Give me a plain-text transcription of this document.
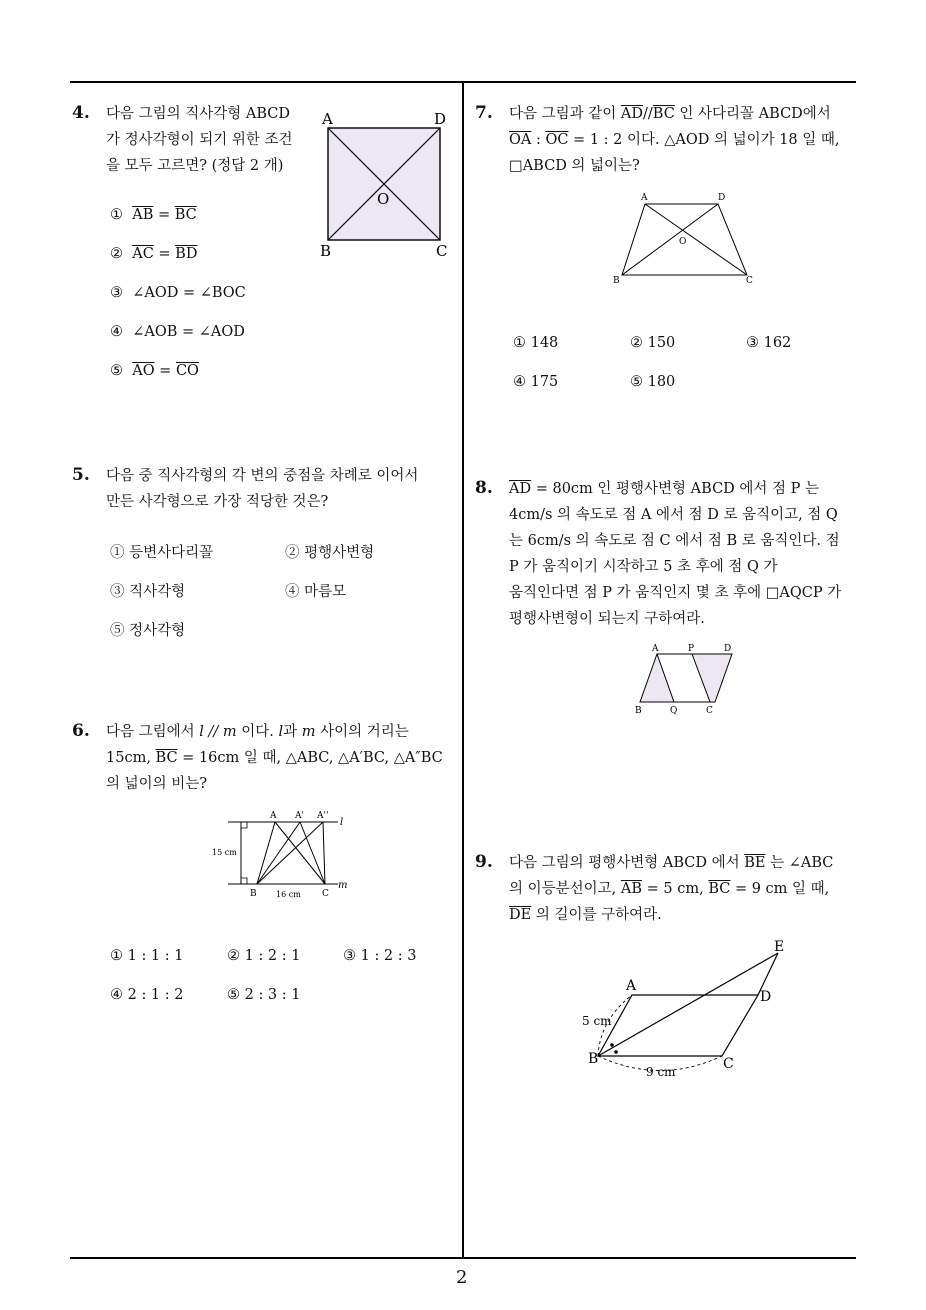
2
4. 다음 그림의 직사각형 ABCD
가 정사각형이 되기 위한 조건
을 모두 고르면? (정답 2 개)
A	D
B	C
O
① $\overline{AB} = \overline{BC}$
② $\overline{AC} = \overline{BD}$
③ ∠AOD = ∠BOC
④ ∠AOB = ∠AOD
⑤ $\overline{AO} = \overline{CO}$
5. 다음 중 직사각형의 각 변의 중점을 차례로 이어서
만든 사각형으로 가장 적당한 것은?
① 등변사다리꼴	② 평행사변형
③ 직사각형	④ 마름모
⑤ 정사각형
6. 다음 그림에서 l // m 이다. l과 m 사이의 거리는
15cm, $\overline{BC} = 16cm$ 일 때, △ABC, △A′BC, △A″BC
의 넓이의 비는?
A A' A''
l
m
B	C
16 cm
15 cm
① 1 : 1 : 1	② 1 : 2 : 1	③ 1 : 2 : 3
④ 2 : 1 : 2	⑤ 2 : 3 : 1
7. 다음 그림과 같이 $\overline{AD}//\overline{BC}$ 인 사다리꼴 ABCD에서
$\overline{OA}$ : $\overline{OC} = 1$ : 2 이다. △AOD 의 넓이가 18 일 때,
□ABCD 의 넓이는?
A	D
B	C
O
① 148	② 150	③ 162
④ 175	⑤ 180
8. $\overline{AD} = 80cm$ 인 평행사변형 ABCD 에서 점 P 는
4cm/s 의 속도로 점 A 에서 점 D 로 움직이고, 점 Q
는 6cm/s 의 속도로 점 C 에서 점 B 로 움직인다. 점
P 가 움직이기 시작하고 5 초 후에 점 Q 가
움직인다면 점 P 가 움직인지 몇 초 후에 □AQCP 가
평행사변형이 되는지 구하여라.
A	P	D
B	Q	C
9. 다음 그림의 평행사변형 ABCD 에서 $\overline{BE}$ 는 ∠ABC
의 이등분선이고, $\overline{AB} = 5$ cm, $\overline{BC} = 9$ cm 일 때,
$\overline{DE}$ 의 길이를 구하여라.
A
D
E
B	C
5 cm
9 cm
